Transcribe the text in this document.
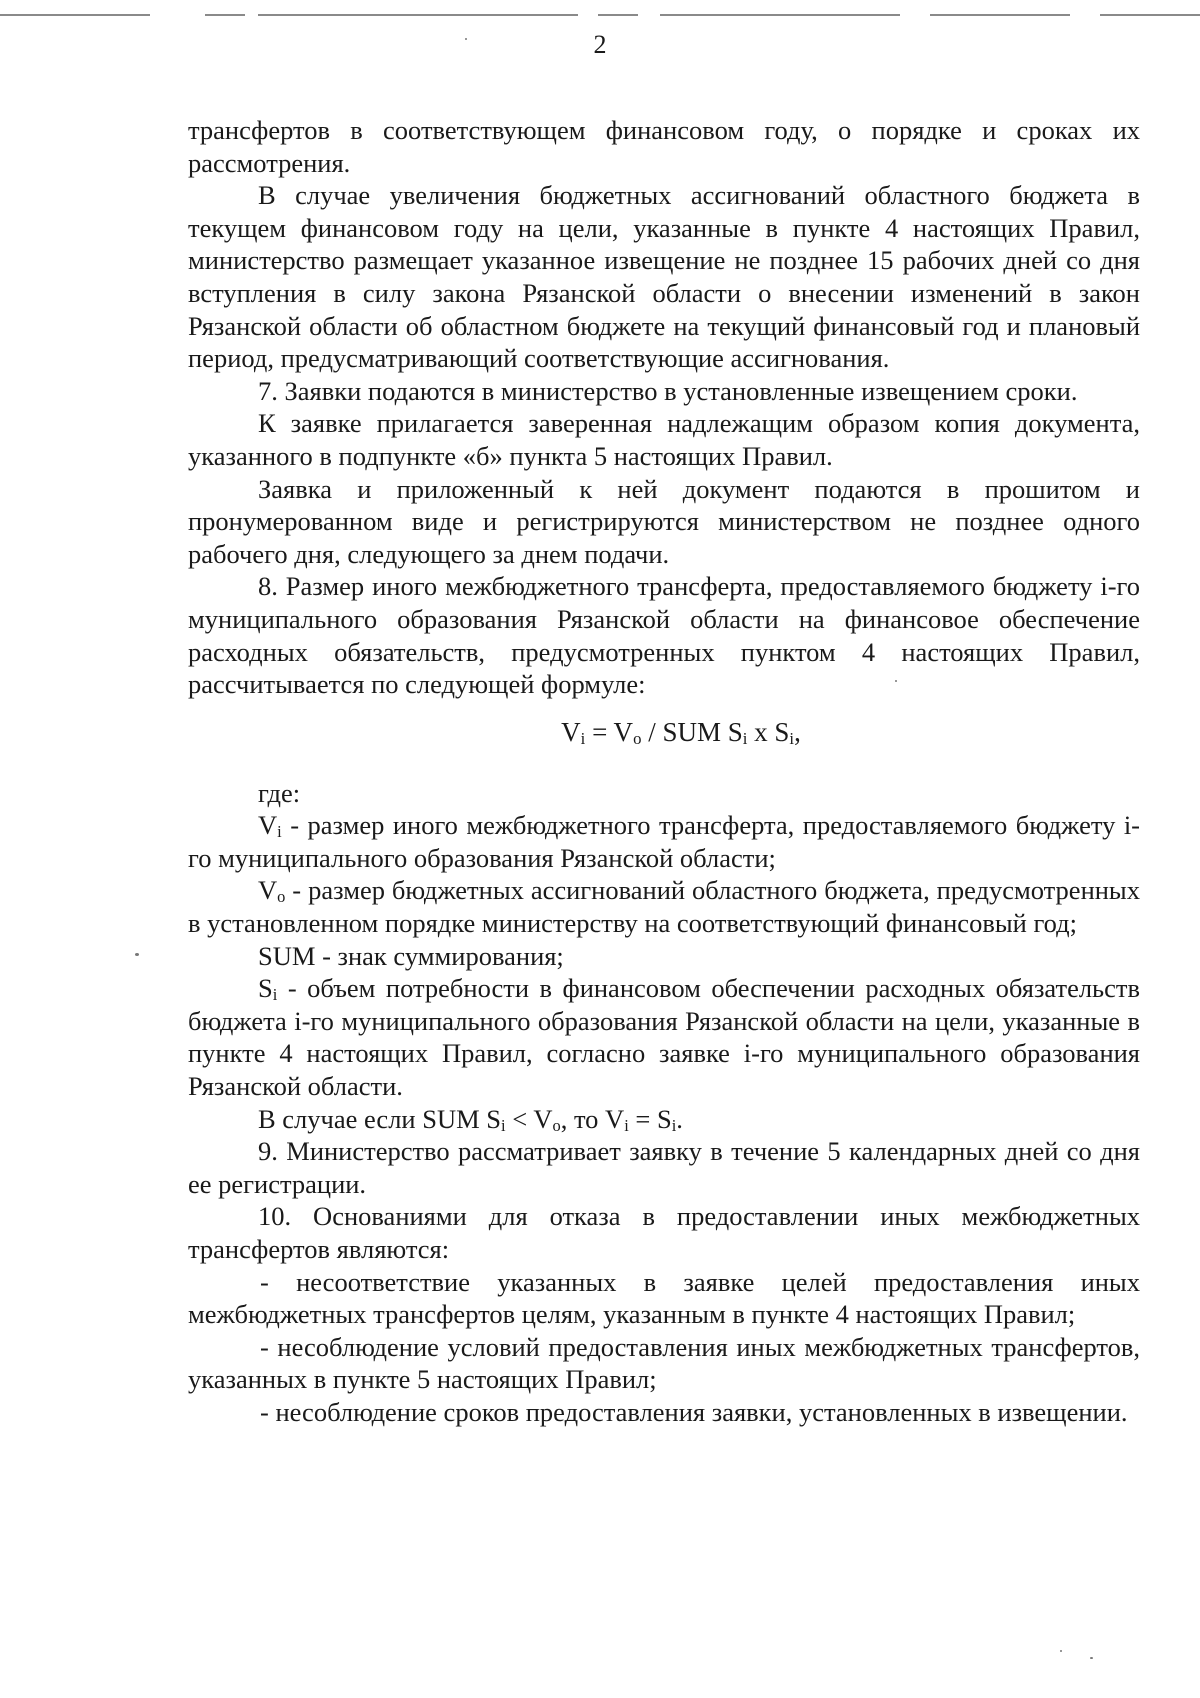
2

трансфертов в соответствующем финансовом году, о порядке и сроках их рассмотрения.

В случае увеличения бюджетных ассигнований областного бюджета в текущем финансовом году на цели, указанные в пункте 4 настоящих Правил, министерство размещает указанное извещение не позднее 15 рабочих дней со дня вступления в силу закона Рязанской области о внесении изменений в закон Рязанской области об областном бюджете на текущий финансовый год и плановый период, предусматривающий соответствующие ассигнования.

7. Заявки подаются в министерство в установленные извещением сроки.

К заявке прилагается заверенная надлежащим образом копия документа, указанного в подпункте «б» пункта 5 настоящих Правил.

Заявка и приложенный к ней документ подаются в прошитом и пронумерованном виде и регистрируются министерством не позднее одного рабочего дня, следующего за днем подачи.

8. Размер иного межбюджетного трансферта, предоставляемого бюджету i-го муниципального образования Рязанской области на финансовое обеспечение расходных обязательств, предусмотренных пунктом 4 настоящих Правил, рассчитывается по следующей формуле:

$V_i = V_o$ / SUM $S_i$ x $S_i$,

где:

$V_i$ - размер иного межбюджетного трансферта, предоставляемого бюджету i-го муниципального образования Рязанской области;

$V_o$ - размер бюджетных ассигнований областного бюджета, предусмотренных в установленном порядке министерству на соответствующий финансовый год;

SUM - знак суммирования;

$S_i$ - объем потребности в финансовом обеспечении расходных обязательств бюджета i-го муниципального образования Рязанской области на цели, указанные в пункте 4 настоящих Правил, согласно заявке i-го муниципального образования Рязанской области.

В случае если SUM $S_i < V_o$, то $V_i = S_i$.

9. Министерство рассматривает заявку в течение 5 календарных дней со дня ее регистрации.

10. Основаниями для отказа в предоставлении иных межбюджетных трансфертов являются:

- несоответствие указанных в заявке целей предоставления иных межбюджетных трансфертов целям, указанным в пункте 4 настоящих Правил;

- несоблюдение условий предоставления иных межбюджетных трансфертов, указанных в пункте 5 настоящих Правил;

- несоблюдение сроков предоставления заявки, установленных в извещении.
